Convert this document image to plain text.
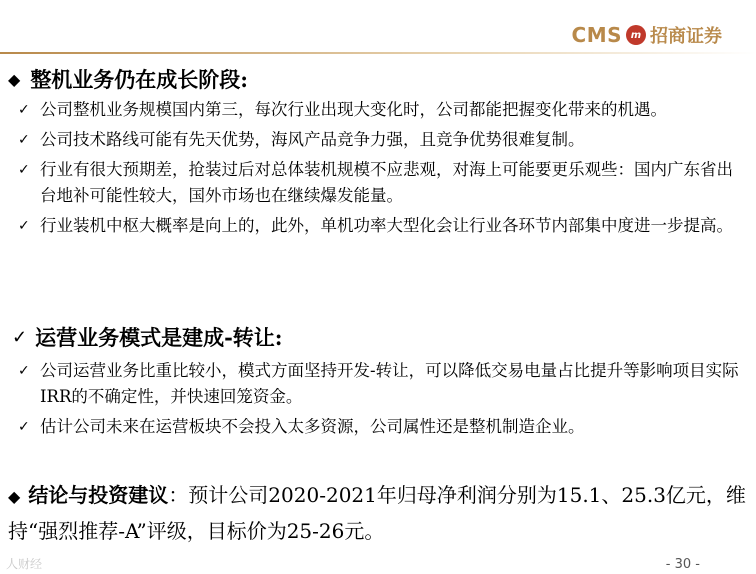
CMS m 招商证券
◆ 整机业务仍在成长阶段:
✓ 公司整机业务规模国内第三，每次行业出现大变化时，公司都能把握变化带来的机遇。
✓ 公司技术路线可能有先天优势，海风产品竞争力强，且竞争优势很难复制。
✓ 行业有很大预期差，抢装过后对总体装机规模不应悲观，对海上可能要更乐观些：国内广东省出台地补可能性较大，国外市场也在继续爆发能量。
✓ 行业装机中枢大概率是向上的，此外，单机功率大型化会让行业各环节内部集中度进一步提高。
✓ 运营业务模式是建成-转让:
✓ 公司运营业务比重比较小，模式方面坚持开发-转让，可以降低交易电量占比提升等影响项目实际IRR的不确定性，并快速回笼资金。
✓ 估计公司未来在运营板块不会投入太多资源，公司属性还是整机制造企业。
◆ 结论与投资建议：预计公司2020-2021年归母净利润分别为15.1、25.3亿元，维持“强烈推荐-A”评级，目标价为25-26元。
人财经	- 30 -
